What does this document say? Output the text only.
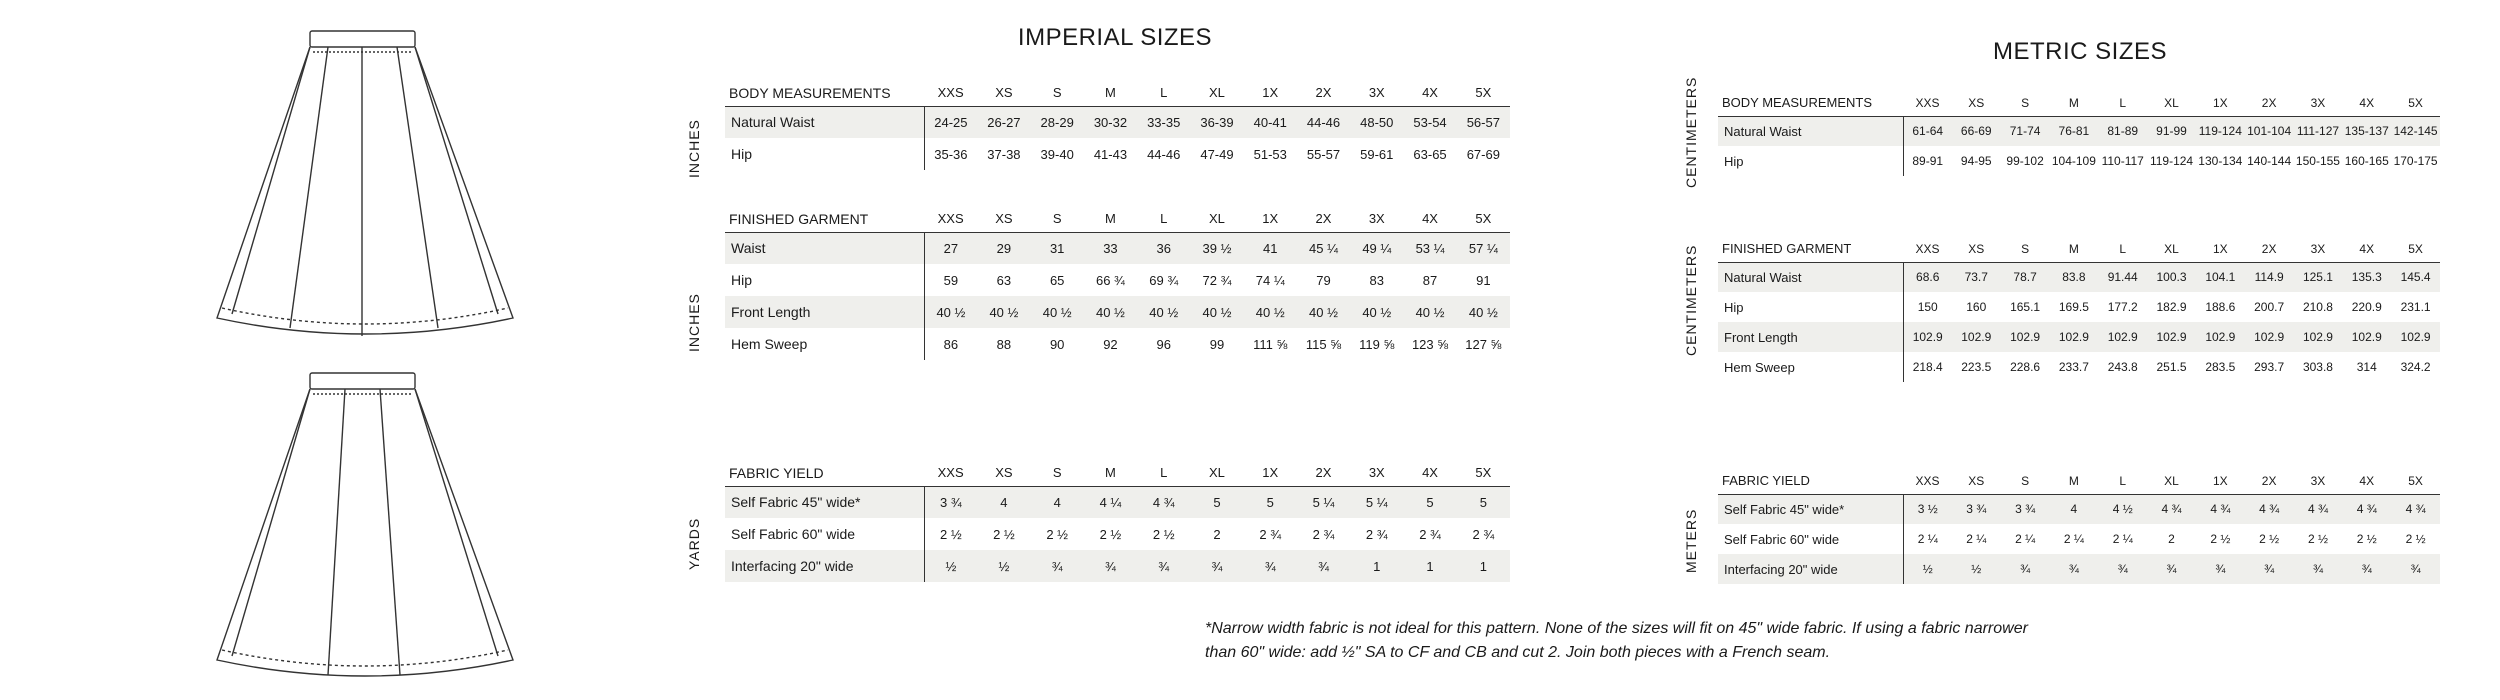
IMPERIAL SIZES
METRIC SIZES
BODY MEASUREMENTS	XXS	XS	S	M	L	XL	1X	2X	3X	4X	5X
Natural Waist	24-25	26-27	28-29	30-32	33-35	36-39	40-41	44-46	48-50	53-54	56-57
Hip	35-36	37-38	39-40	41-43	44-46	47-49	51-53	55-57	59-61	63-65	67-69
INCHES
FINISHED GARMENT	XXS	XS	S	M	L	XL	1X	2X	3X	4X	5X
Waist	27	29	31	33	36	39 ½	41	45 ¼	49 ¼	53 ¼	57 ¼
Hip	59	63	65	66 ¾	69 ¾	72 ¾	74 ¼	79	83	87	91
Front Length	40 ½	40 ½	40 ½	40 ½	40 ½	40 ½	40 ½	40 ½	40 ½	40 ½	40 ½
Hem Sweep	86	88	90	92	96	99	111 ⅝	115 ⅝	119 ⅝	123 ⅝	127 ⅝
INCHES
FABRIC YIELD	XXS	XS	S	M	L	XL	1X	2X	3X	4X	5X
Self Fabric 45" wide*	3 ¾	4	4	4 ¼	4 ¾	5	5	5 ¼	5 ¼	5	5
Self Fabric 60" wide	2 ½	2 ½	2 ½	2 ½	2 ½	2	2 ¾	2 ¾	2 ¾	2 ¾	2 ¾
Interfacing 20" wide	½	½	¾	¾	¾	¾	¾	¾	1	1	1
YARDS
BODY MEASUREMENTS	XXS	XS	S	M	L	XL	1X	2X	3X	4X	5X
Natural Waist	61-64	66-69	71-74	76-81	81-89	91-99	119-124	101-104	111-127	135-137	142-145
Hip	89-91	94-95	99-102	104-109	110-117	119-124	130-134	140-144	150-155	160-165	170-175
CENTIMETERS
FINISHED GARMENT	XXS	XS	S	M	L	XL	1X	2X	3X	4X	5X
Natural Waist	68.6	73.7	78.7	83.8	91.44	100.3	104.1	114.9	125.1	135.3	145.4
Hip	150	160	165.1	169.5	177.2	182.9	188.6	200.7	210.8	220.9	231.1
Front Length	102.9	102.9	102.9	102.9	102.9	102.9	102.9	102.9	102.9	102.9	102.9
Hem Sweep	218.4	223.5	228.6	233.7	243.8	251.5	283.5	293.7	303.8	314	324.2
CENTIMETERS
FABRIC YIELD	XXS	XS	S	M	L	XL	1X	2X	3X	4X	5X
Self Fabric 45" wide*	3 ½	3 ¾	3 ¾	4	4 ½	4 ¾	4 ¾	4 ¾	4 ¾	4 ¾	4 ¾
Self Fabric 60" wide	2 ¼	2 ¼	2 ¼	2 ¼	2 ¼	2	2 ½	2 ½	2 ½	2 ½	2 ½
Interfacing 20" wide	½	½	¾	¾	¾	¾	¾	¾	¾	¾	¾
METERS
*Narrow width fabric is not ideal for this pattern. None of the sizes will fit on 45" wide fabric. If using a fabric narrower
than 60" wide: add ½" SA to CF and CB and cut 2. Join both pieces with a French seam.
